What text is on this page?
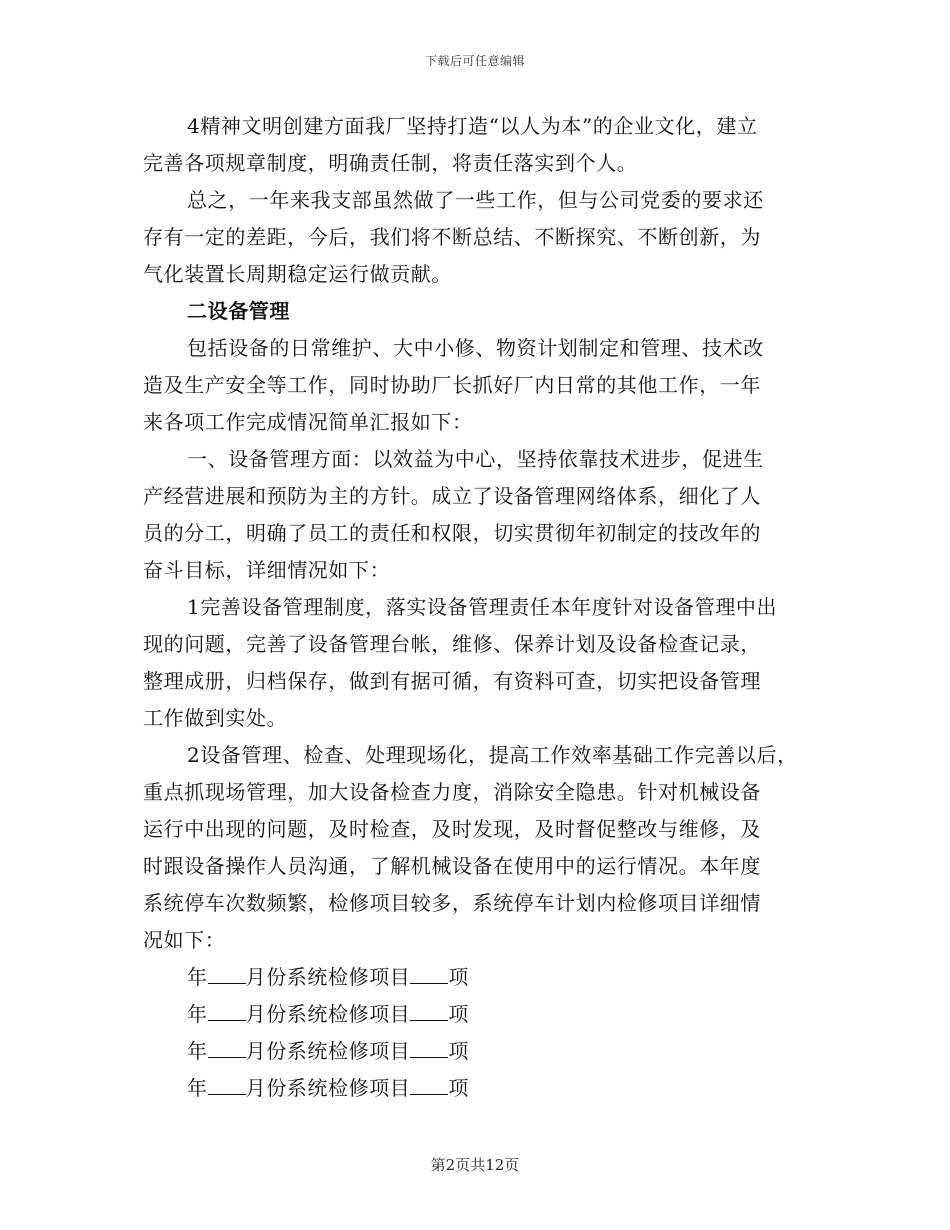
下载后可任意编辑
4精神文明创建方面我厂坚持打造“以人为本”的企业文化，建立
完善各项规章制度，明确责任制，将责任落实到个人。
总之，一年来我支部虽然做了一些工作，但与公司党委的要求还
存有一定的差距，今后，我们将不断总结、不断探究、不断创新，为
气化装置长周期稳定运行做贡献。
二设备管理
包括设备的日常维护、大中小修、物资计划制定和管理、技术改
造及生产安全等工作，同时协助厂长抓好厂内日常的其他工作，一年
来各项工作完成情况简单汇报如下：
一、设备管理方面：以效益为中心，坚持依靠技术进步，促进生
产经营进展和预防为主的方针。成立了设备管理网络体系，细化了人
员的分工，明确了员工的责任和权限，切实贯彻年初制定的技改年的
奋斗目标，详细情况如下：
1完善设备管理制度，落实设备管理责任本年度针对设备管理中出
现的问题，完善了设备管理台帐，维修、保养计划及设备检查记录，
整理成册，归档保存，做到有据可循，有资料可查，切实把设备管理
工作做到实处。
2设备管理、检查、处理现场化，提高工作效率基础工作完善以后，
重点抓现场管理，加大设备检查力度，消除安全隐患。针对机械设备
运行中出现的问题，及时检查，及时发现，及时督促整改与维修，及
时跟设备操作人员沟通，了解机械设备在使用中的运行情况。本年度
系统停车次数频繁，检修项目较多，系统停车计划内检修项目详细情
况如下：
年 月份系统检修项目 项
年 月份系统检修项目 项
年 月份系统检修项目 项
年 月份系统检修项目 项
第2页共12页
